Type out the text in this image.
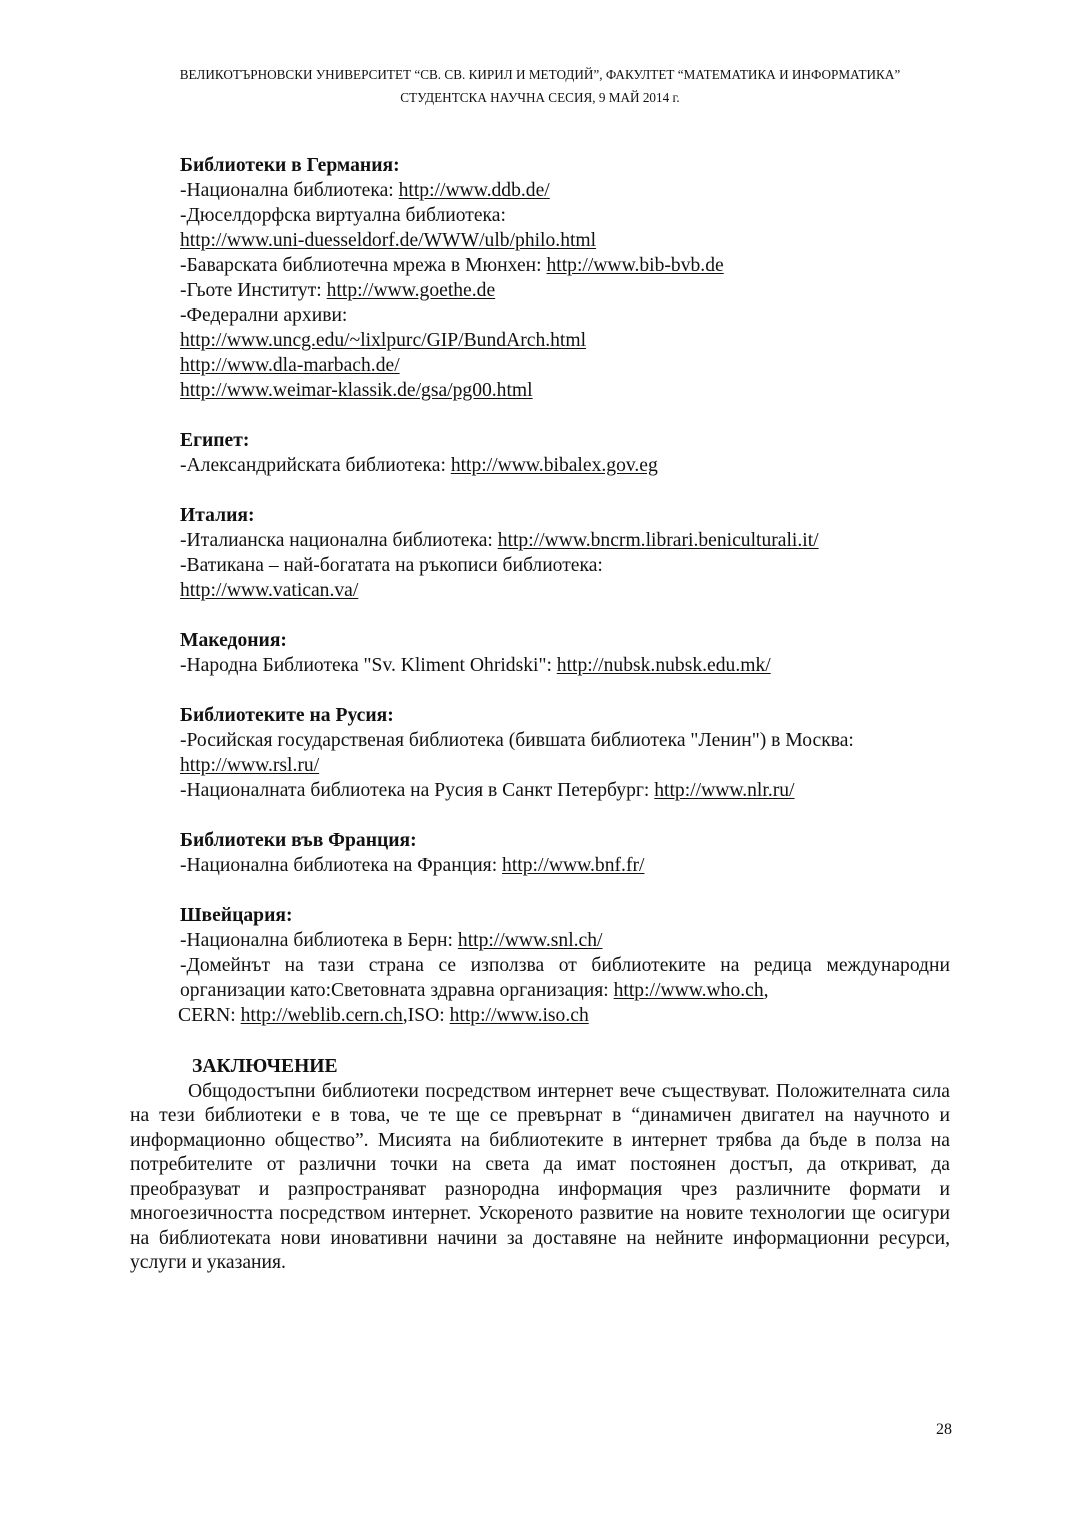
ВЕЛИКОТЪРНОВСКИ УНИВЕРСИТЕТ “СВ. СВ. КИРИЛ И МЕТОДИЙ”, ФАКУЛТЕТ “МАТЕМАТИКА И ИНФОРМАТИКА”
СТУДЕНТСКА НАУЧНА СЕСИЯ, 9 МАЙ 2014 г.
Библиотеки в Германия:
-Национална библиотека: http://www.ddb.de/
-Дюселдорфска виртуална библиотека:
http://www.uni-duesseldorf.de/WWW/ulb/philo.html
-Баварската библиотечна мрежа в Мюнхен: http://www.bib-bvb.de
-Гьоте Институт: http://www.goethe.de
-Федерални архиви:
http://www.uncg.edu/~lixlpurc/GIP/BundArch.html
http://www.dla-marbach.de/
http://www.weimar-klassik.de/gsa/pg00.html
Египет:
-Александрийската библиотека: http://www.bibalex.gov.eg
Италия:
-Италианска национална библиотека: http://www.bncrm.librari.beniculturali.it/
-Ватикана – най-богатата на ръкописи библиотека:
http://www.vatican.va/
Македония:
-Народна Библиотека "Sv. Kliment Ohridski": http://nubsk.nubsk.edu.mk/
Библиотеките на Русия:
-Росийская государственая библиотека (бившата библиотека "Ленин") в Москва:
http://www.rsl.ru/
-Националната библиотека на Русия в Санкт Петербург: http://www.nlr.ru/
Библиотеки във Франция:
-Национална библиотека на Франция: http://www.bnf.fr/
Швейцария:
-Национална библиотека в Берн: http://www.snl.ch/
-Домейнът на тази страна се използва от библиотеките на редица международни организации като:Световната здравна организация: http://www.who.ch,
CERN: http://weblib.cern.ch,ISO: http://www.iso.ch
ЗАКЛЮЧЕНИЕ

Общодостъпни библиотеки посредством интернет вече съществуват. Положителната сила на тези библиотеки е в това, че те ще се превърнат в “динамичен двигател на научното и информационно общество”. Мисията на библиотеките в интернет трябва да бъде в полза на потребителите от различни точки на света да имат постоянен достъп, да откриват, да преобразуват и разпространяват разнородна информация чрез различните формати и многоезичността посредством интернет. Ускореното развитие на новите технологии ще осигури на библиотеката нови иновативни начини за доставяне на нейните информационни ресурси, услуги и указания.

28
